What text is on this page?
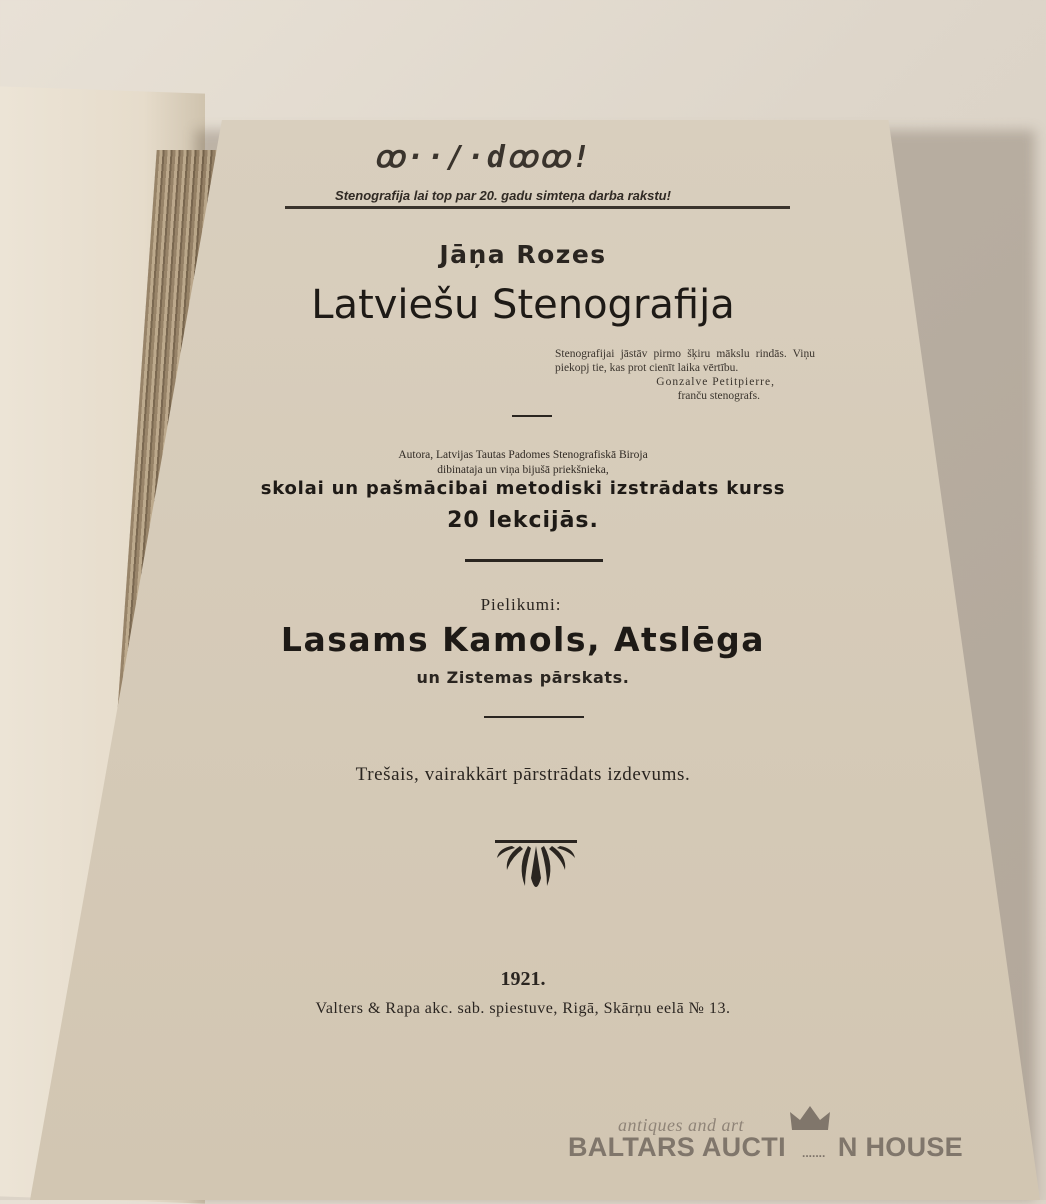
ꝏ··/·dꝏꝏ!
Stenografija lai top par 20. gadu simteņa darba rakstu!
Jāņa Rozes
Latviešu Stenografija
Stenografijai jāstāv pirmo šķiru mākslu rindās. Viņu piekopj tie, kas prot cienīt laika vērtību.
Gonzalve Petitpierre,
franču stenografs.
Autora, Latvijas Tautas Padomes Stenografiskā Biroja
dibinataja un viņa bijušā priekšnieka,
skolai un pašmācibai metodiski izstrādats kurss
20 lekcijās.
Pielikumi:
Lasams Kamols, Atslēga
un Zistemas pārskats.
Trešais, vairakkārt pārstrādats izdevums.
1921.
Valters & Rapa akc. sab. spiestuve, Rigā, Skārņu eelā № 13.
antiques and art
BALTARS AUCTI N HOUSE
.......
